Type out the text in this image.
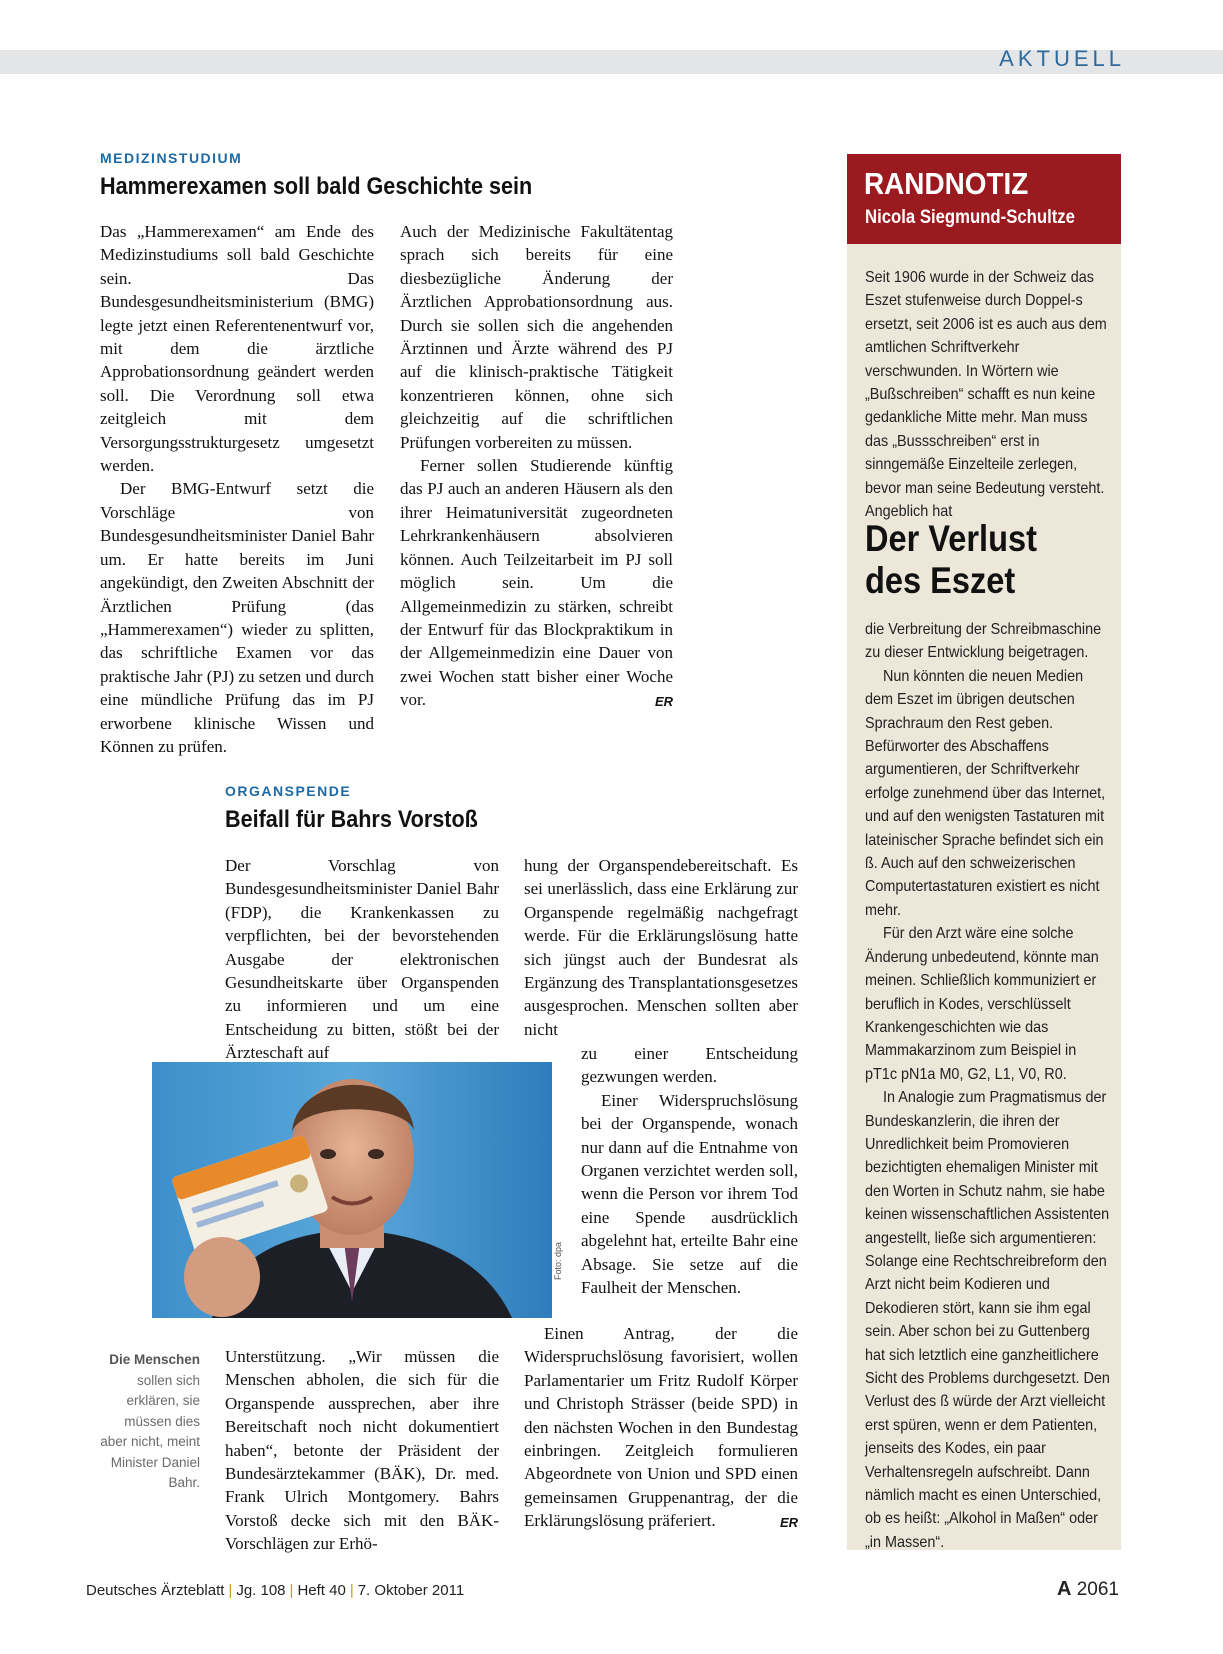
AKTUELL
MEDIZINSTUDIUM
Hammerexamen soll bald Geschichte sein

Das „Hammerexamen“ am Ende des Medizinstudiums soll bald Geschichte sein. Das Bundesgesundheitsministerium (BMG) legte jetzt einen Referentenentwurf vor, mit dem die ärztliche Approbationsordnung geändert werden soll. Die Verordnung soll etwa zeitgleich mit dem Versorgungsstrukturgesetz umgesetzt werden.

Der BMG-Entwurf setzt die Vorschläge von Bundesgesundheitsminister Daniel Bahr um. Er hatte bereits im Juni angekündigt, den Zweiten Abschnitt der Ärztlichen Prüfung (das „Hammerexamen“) wieder zu splitten, das schriftliche Examen vor das praktische Jahr (PJ) zu setzen und durch eine mündliche Prüfung das im PJ erworbene klinische Wissen und Können zu prüfen.

Auch der Medizinische Fakultätentag sprach sich bereits für eine diesbezügliche Änderung der Ärztlichen Approbationsordnung aus. Durch sie sollen sich die angehenden Ärztinnen und Ärzte während des PJ auf die klinisch-praktische Tätigkeit konzentrieren können, ohne sich gleichzeitig auf die schriftlichen Prüfungen vorbereiten zu müssen.

Ferner sollen Studierende künftig das PJ auch an anderen Häusern als den ihrer Heimatuniversität zugeordneten Lehrkrankenhäusern absolvieren können. Auch Teilzeitarbeit im PJ soll möglich sein. Um die Allgemeinmedizin zu stärken, schreibt der Entwurf für das Blockpraktikum in der Allgemeinmedizin eine Dauer von zwei Wochen statt bisher einer Woche vor.	ER

ORGANSPENDE
Beifall für Bahrs Vorstoß

Der Vorschlag von Bundesgesundheitsminister Daniel Bahr (FDP), die Krankenkassen zu verpflichten, bei der bevorstehenden Ausgabe der elektronischen Gesundheitskarte über Organspenden zu informieren und um eine Entscheidung zu bitten, stößt bei der Ärzteschaft auf

hung der Organspendebereitschaft. Es sei unerlässlich, dass eine Erklärung zur Organspende regelmäßig nachgefragt werde. Für die Erklärungslösung hatte sich jüngst auch der Bundesrat als Ergänzung des Transplantationsgesetzes ausgesprochen. Menschen sollten aber nicht

zu einer Entscheidung gezwungen werden.

Einer Widerspruchslösung bei der Organspende, wonach nur dann auf die Entnahme von Organen verzichtet werden soll, wenn die Person vor ihrem Tod eine Spende ausdrücklich abgelehnt hat, erteilte Bahr eine Absage. Sie setze auf die Faulheit der Menschen.

Foto: dpa
Die Menschen sollen sich erklären, sie müssen dies aber nicht, meint Minister Daniel Bahr.

Unterstützung. „Wir müssen die Menschen abholen, die sich für die Organspende aussprechen, aber ihre Bereitschaft noch nicht dokumentiert haben“, betonte der Präsident der Bundesärztekammer (BÄK), Dr. med. Frank Ulrich Montgomery. Bahrs Vorstoß decke sich mit den BÄK-Vorschlägen zur Erhö-

Einen Antrag, der die Widerspruchslösung favorisiert, wollen Parlamentarier um Fritz Rudolf Körper und Christoph Strässer (beide SPD) in den nächsten Wochen in den Bundestag einbringen. Zeitgleich formulieren Abgeordnete von Union und SPD einen gemeinsamen Gruppenantrag, der die Erklärungslösung präferiert.	ER

RANDNOTIZ
Nicola Siegmund-Schultze

Seit 1906 wurde in der Schweiz das Eszet stufenweise durch Doppel-s ersetzt, seit 2006 ist es auch aus dem amtlichen Schriftverkehr verschwunden. In Wörtern wie „Bußschreiben“ schafft es nun keine gedankliche Mitte mehr. Man muss das „Bussschreiben“ erst in sinngemäße Einzelteile zerlegen, bevor man seine Bedeutung versteht. Angeblich hat

Der Verlust des Eszet

die Verbreitung der Schreibmaschine zu dieser Entwicklung beigetragen.

Nun könnten die neuen Medien dem Eszet im übrigen deutschen Sprachraum den Rest geben. Befürworter des Abschaffens argumentieren, der Schriftverkehr erfolge zunehmend über das Internet, und auf den wenigsten Tastaturen mit lateinischer Sprache befindet sich ein ß. Auch auf den schweizerischen Computertastaturen existiert es nicht mehr.

Für den Arzt wäre eine solche Änderung unbedeutend, könnte man meinen. Schließlich kommuniziert er beruflich in Kodes, verschlüsselt Krankengeschichten wie das Mammakarzinom zum Beispiel in pT1c pN1a M0, G2, L1, V0, R0.

In Analogie zum Pragmatismus der Bundeskanzlerin, die ihren der Unredlichkeit beim Promovieren bezichtigten ehemaligen Minister mit den Worten in Schutz nahm, sie habe keinen wissenschaftlichen Assistenten angestellt, ließe sich argumentieren: Solange eine Rechtschreibreform den Arzt nicht beim Kodieren und Dekodieren stört, kann sie ihm egal sein. Aber schon bei zu Guttenberg hat sich letztlich eine ganzheitlichere Sicht des Problems durchgesetzt. Den Verlust des ß würde der Arzt vielleicht erst spüren, wenn er dem Patienten, jenseits des Kodes, ein paar Verhaltensregeln aufschreibt. Dann nämlich macht es einen Unterschied, ob es heißt: „Alkohol in Maßen“ oder „in Massen“.

Deutsches Ärzteblatt | Jg. 108 | Heft 40 | 7. Oktober 2011	A 2061
